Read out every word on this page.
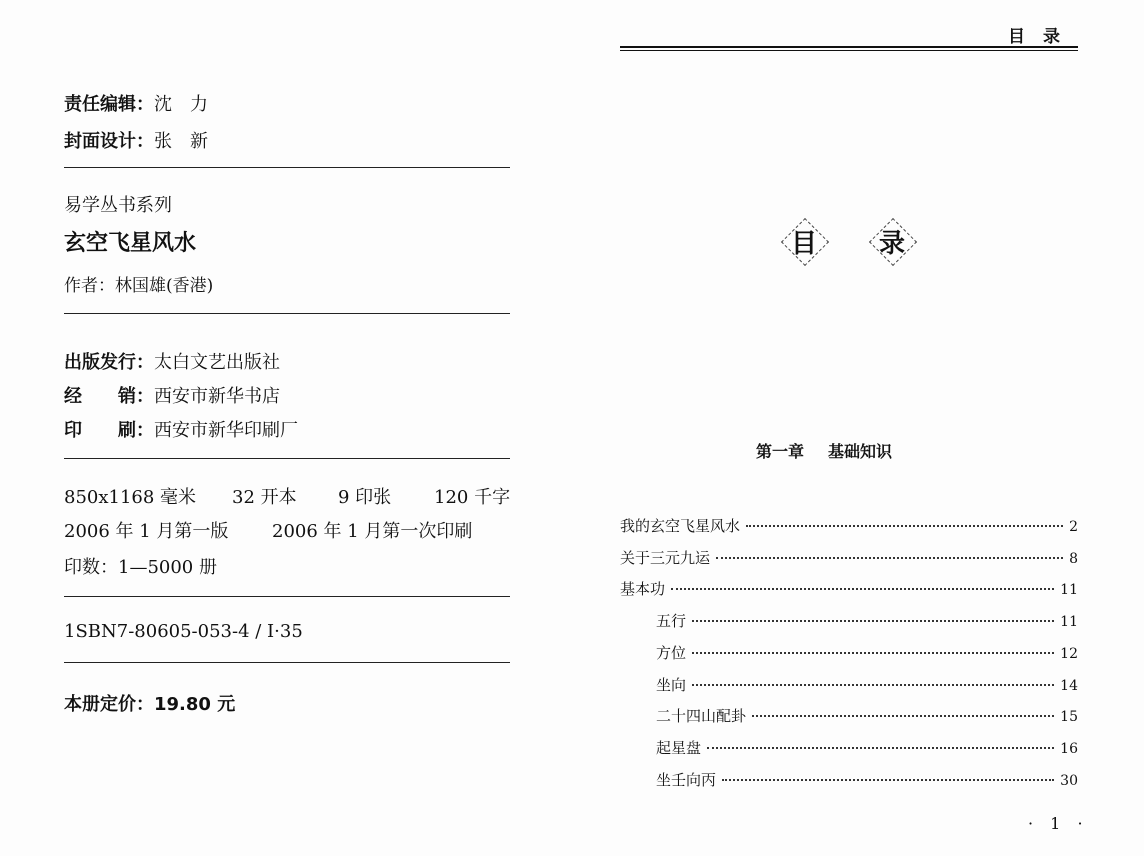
责任编辑：沈　力
封面设计：张　新
易学丛书系列
玄空飞星风水
作者：林国雄(香港)
出版发行：太白文艺出版社
经 销：西安市新华书店
印 刷：西安市新华印刷厂
850x1168 毫米 32 开本 9 印张 120 千字
2006 年 1 月第一版 2006 年 1 月第一次印刷
印数：1—5000 册
1SBN7-80605-053-4 / I·35
本册定价：19.80 元
目录
目	录
第一章 基础知识
我的玄空飞星风水	2
关于三元九运	8
基本功	11
五行	11
方位	12
坐向	14
二十四山配卦	15
起星盘	16
坐壬向丙	30
· 1 ·
